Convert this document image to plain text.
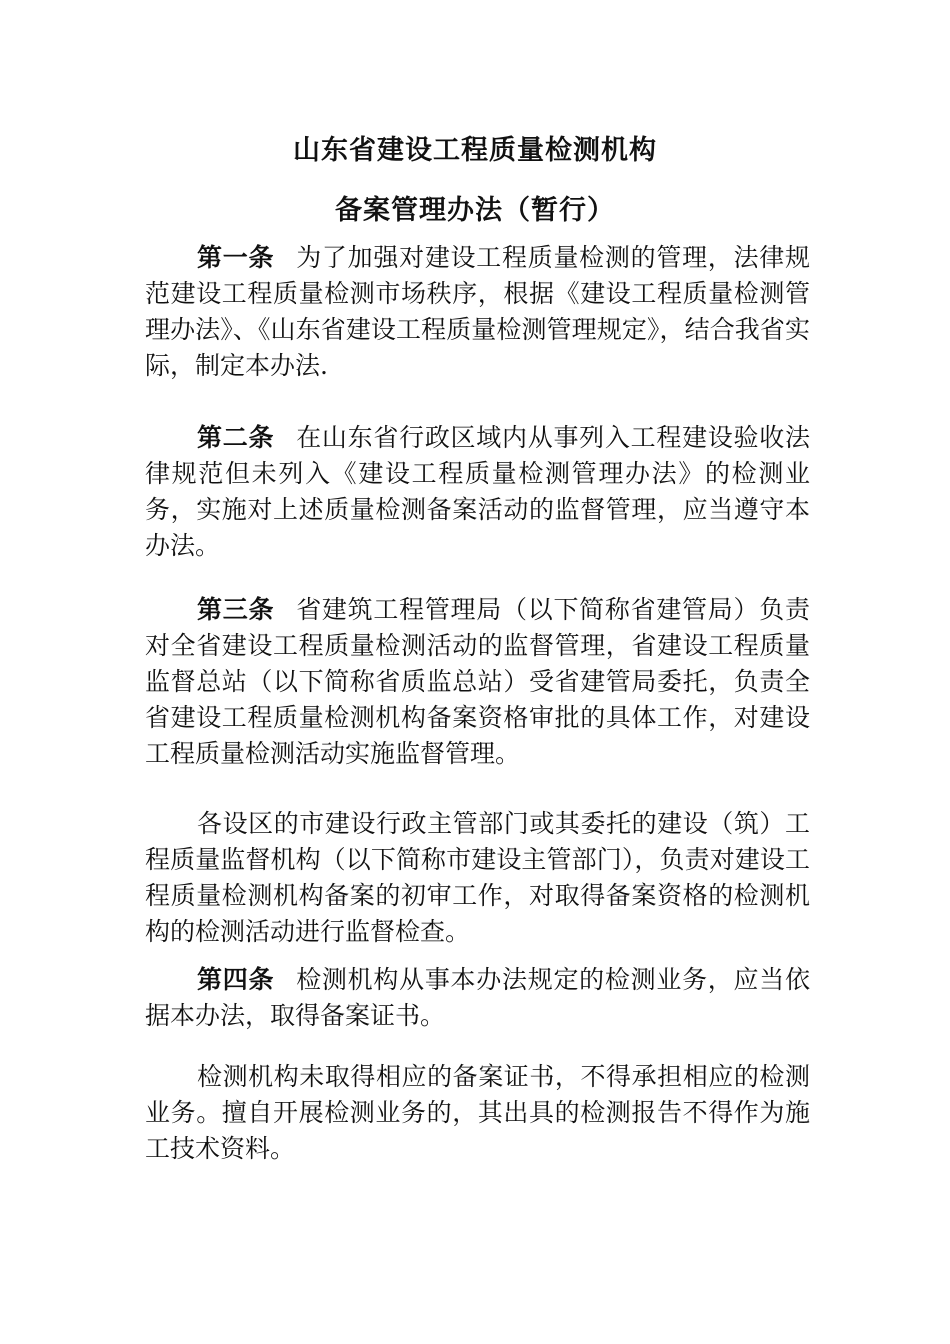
山东省建设工程质量检测机构
备案管理办法（暂行）
第一条 为了加强对建设工程质量检测的管理，法律规范建设工程质量检测市场秩序，根据《建设工程质量检测管理办法》、《山东省建设工程质量检测管理规定》，结合我省实际，制定本办法.
第二条 在山东省行政区域内从事列入工程建设验收法律规范但未列入《建设工程质量检测管理办法》的检测业务，实施对上述质量检测备案活动的监督管理，应当遵守本办法。
第三条 省建筑工程管理局（以下简称省建管局）负责对全省建设工程质量检测活动的监督管理，省建设工程质量监督总站（以下简称省质监总站）受省建管局委托，负责全省建设工程质量检测机构备案资格审批的具体工作，对建设工程质量检测活动实施监督管理。
各设区的市建设行政主管部门或其委托的建设（筑）工程质量监督机构（以下简称市建设主管部门），负责对建设工程质量检测机构备案的初审工作，对取得备案资格的检测机构的检测活动进行监督检查。
第四条 检测机构从事本办法规定的检测业务，应当依据本办法，取得备案证书。
检测机构未取得相应的备案证书，不得承担相应的检测业务。擅自开展检测业务的，其出具的检测报告不得作为施工技术资料。
